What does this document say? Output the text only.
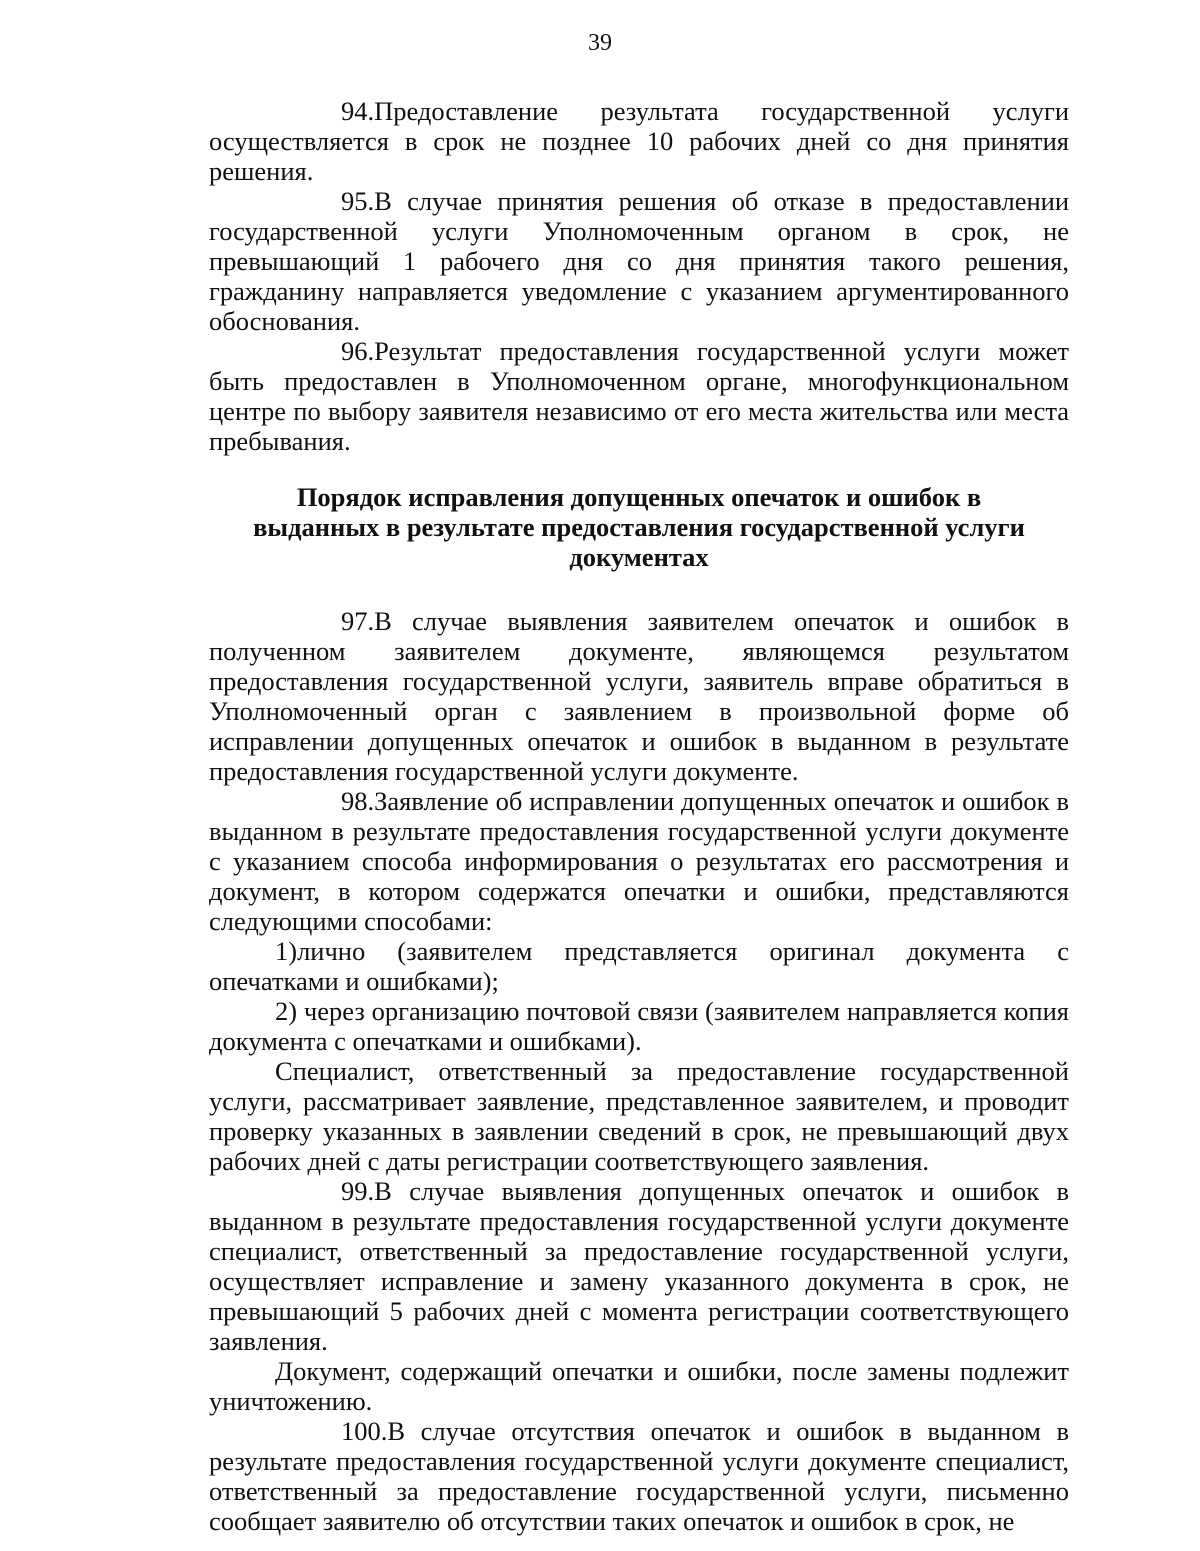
39

94.Предоставление результата государственной услуги осуществляется в срок не позднее 10 рабочих дней со дня принятия решения.

95.В случае принятия решения об отказе в предоставлении государственной услуги Уполномоченным органом в срок, не превышающий 1 рабочего дня со дня принятия такого решения, гражданину направляется уведомление с указанием аргументированного обоснования.

96.Результат предоставления государственной услуги может быть предоставлен в Уполномоченном органе, многофункциональном центре по выбору заявителя независимо от его места жительства или места пребывания.

Порядок исправления допущенных опечаток и ошибок в
выданных в результате предоставления государственной услуги
документах

97.В случае выявления заявителем опечаток и ошибок в полученном заявителем документе, являющемся результатом предоставления государственной услуги, заявитель вправе обратиться в Уполномоченный орган с заявлением в произвольной форме об исправлении допущенных опечаток и ошибок в выданном в результате предоставления государственной услуги документе.

98.Заявление об исправлении допущенных опечаток и ошибок в выданном в результате предоставления государственной услуги документе с указанием способа информирования о результатах его рассмотрения и документ, в котором содержатся опечатки и ошибки, представляются следующими способами:

1)лично (заявителем представляется оригинал документа с опечатками и ошибками);

2) через организацию почтовой связи (заявителем направляется копия документа с опечатками и ошибками).

Специалист, ответственный за предоставление государственной услуги, рассматривает заявление, представленное заявителем, и проводит проверку указанных в заявлении сведений в срок, не превышающий двух рабочих дней с даты регистрации соответствующего заявления.

99.В случае выявления допущенных опечаток и ошибок в выданном в результате предоставления государственной услуги документе специалист, ответственный за предоставление государственной услуги, осуществляет исправление и замену указанного документа в срок, не превышающий 5 рабочих дней с момента регистрации соответствующего заявления.

Документ, содержащий опечатки и ошибки, после замены подлежит уничтожению.

100.В случае отсутствия опечаток и ошибок в выданном в результате предоставления государственной услуги документе специалист, ответственный за предоставление государственной услуги, письменно сообщает заявителю об отсутствии таких опечаток и ошибок в срок, не
